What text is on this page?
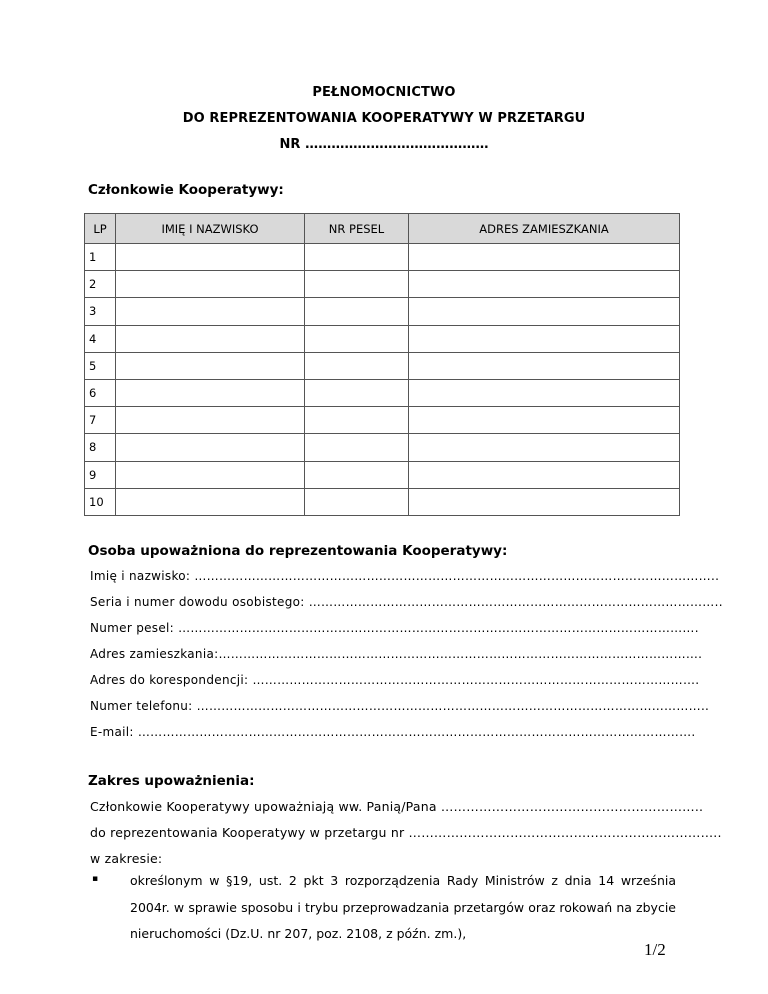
PEŁNOMOCNICTWO
DO REPREZENTOWANIA KOOPERATYWY W PRZETARGU
NR ……………………………………
Członkowie Kooperatywy:
LP	IMIĘ I NAZWISKO	NR PESEL	ADRES ZAMIESZKANIA
1			
2			
3			
4			
5			
6			
7			
8			
9			
10			
Osoba upoważniona do reprezentowania Kooperatywy:
Imię i nazwisko: ………………………………………………………………………………………………………………..
Seria i numer dowodu osobistego: ………………………………………………………………………………………..
Numer pesel: ……………………………………………………………………………………………………………….
Adres zamieszkania:……………………………………………………………………………………………………….
Adres do korespondencji: ……………………………………………………………………………………………….
Numer telefonu: ……………………………………………………………………………………………………………..
E-mail: ……………………………………………………………………………………………………………………….
Zakres upoważnienia:
Członkowie Kooperatywy upoważniają ww. Panią/Pana ……………………………………………………..
do reprezentowania Kooperatywy w przetargu nr ………………………………………………………………..
w zakresie:
▪	określonym w §19, ust. 2 pkt 3 rozporządzenia Rady Ministrów z dnia 14 września 2004r. w sprawie sposobu i trybu przeprowadzania przetargów oraz rokowań na zbycie nieruchomości (Dz.U. nr 207, poz. 2108, z późn. zm.),
1/2
